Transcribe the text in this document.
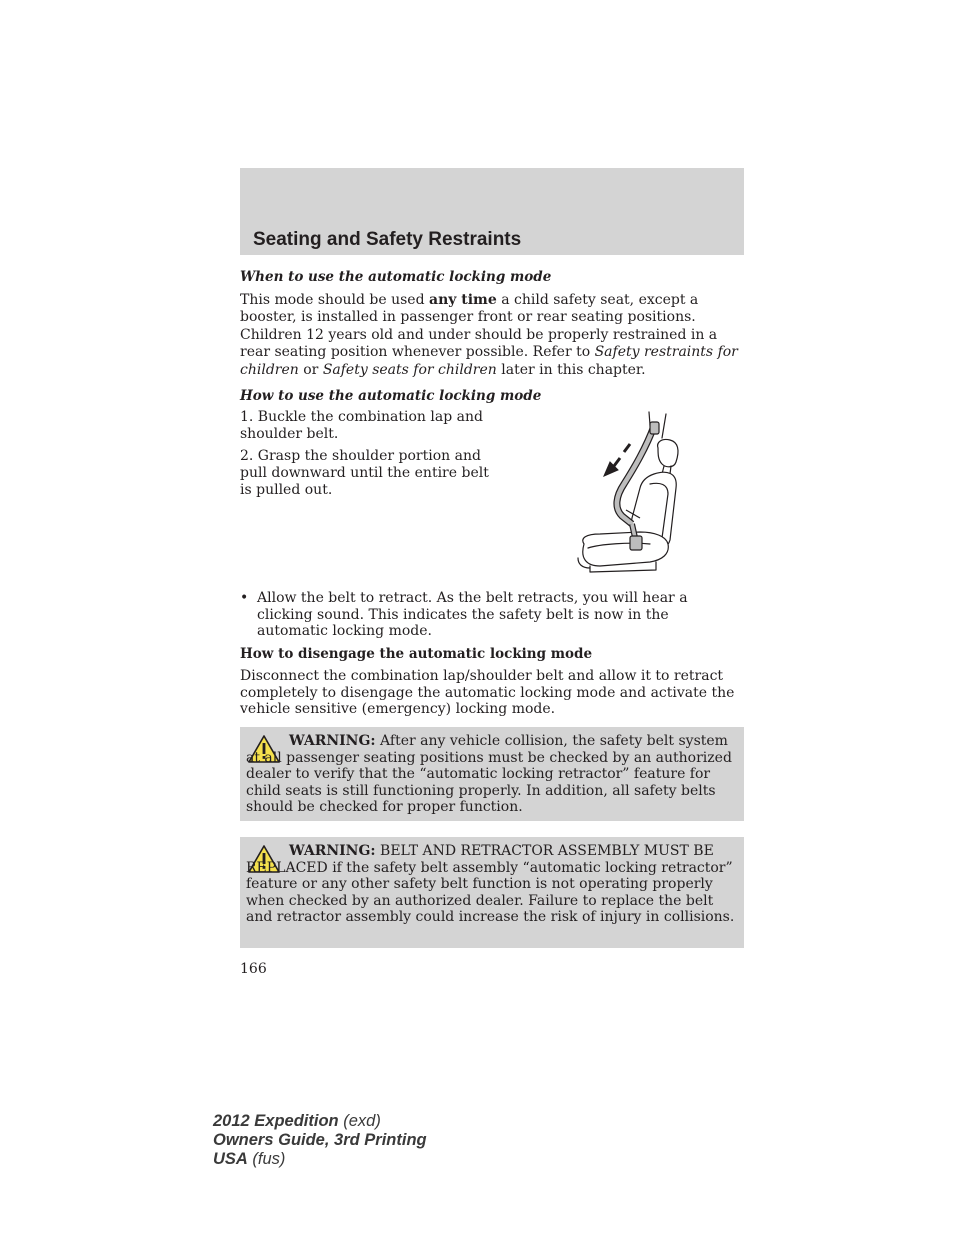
Seating and Safety Restraints
When to use the automatic locking mode
This mode should be used any time a child safety seat, except a booster, is installed in passenger front or rear seating positions. Children 12 years old and under should be properly restrained in a rear seating position whenever possible. Refer to Safety restraints for children or Safety seats for children later in this chapter.
How to use the automatic locking mode
1. Buckle the combination lap and shoulder belt.
2. Grasp the shoulder portion and pull downward until the entire belt is pulled out.
• Allow the belt to retract. As the belt retracts, you will hear a clicking sound. This indicates the safety belt is now in the automatic locking mode.
How to disengage the automatic locking mode
Disconnect the combination lap/shoulder belt and allow it to retract completely to disengage the automatic locking mode and activate the vehicle sensitive (emergency) locking mode.
WARNING: After any vehicle collision, the safety belt system at all passenger seating positions must be checked by an authorized dealer to verify that the “automatic locking retractor” feature for child seats is still functioning properly. In addition, all safety belts should be checked for proper function.
WARNING: BELT AND RETRACTOR ASSEMBLY MUST BE REPLACED if the safety belt assembly “automatic locking retractor” feature or any other safety belt function is not operating properly when checked by an authorized dealer. Failure to replace the belt and retractor assembly could increase the risk of injury in collisions.
166
2012 Expedition (exd)
Owners Guide, 3rd Printing
USA (fus)
